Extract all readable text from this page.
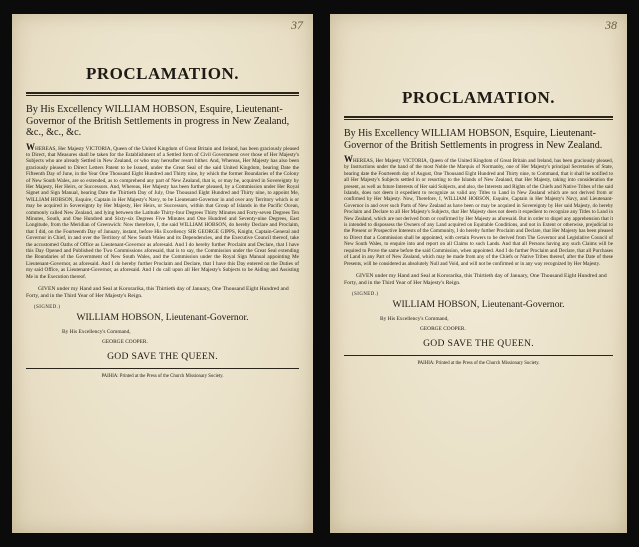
37
PROCLAMATION.

By His Excellency WILLIAM HOBSON, Esquire, Lieutenant-Governor of the British Settlements in progress in New Zealand, &c., &c., &c.

WHEREAS, Her Majesty VICTORIA, Queen of the United Kingdom of Great Britain and Ireland, has been graciously pleased to Direct, that Measures shall be taken for the Establishment of a Settled form of Civil Government over those of Her Majesty's Subjects who are already Settled in New Zealand, or who may hereafter resort hither. And, Whereas, Her Majesty has also been graciously pleased to Direct Letters Patent to be Issued, under the Great Seal of the said United Kingdom, bearing Date the Fifteenth Day of June, in the Year One Thousand Eight Hundred and Thirty nine, by which the former Boundaries of the Colony of New South Wales, are so extended, as to comprehend any part of New Zealand, that is, or may be, acquired in Sovereignty by Her Majesty, Her Heirs, or Successors. And, Whereas, Her Majesty has been further pleased, by a Commission under Her Royal Signet and Sign Manual, bearing Date the Thirtieth Day of July, One Thousand Eight Hundred and Thirty nine, to appoint Me, WILLIAM HOBSON, Esquire, Captain in Her Majesty's Navy, to be Lieutenant-Governor in and over any Territory which is or may be acquired in Sovereignty by Her Majesty, Her Heirs, or Successors, within that Group of Islands in the Pacific Ocean, commonly called New Zealand, and lying between the Latitude Thirty-four Degrees Thirty Minutes and Forty-seven Degrees Ten Minutes, South, and One Hundred and Sixty-six Degrees Five Minutes and One Hundred and Seventy-nine Degrees, East Longitude, from the Meridian of Greenwich: Now therefore, I, the said WILLIAM HOBSON, do hereby Declare and Proclaim, that I did, on the Fourteenth Day of January, instant, before His Excellency SIR GEORGE GIPPS, Knight, Captain-General and Governor in Chief, in and over the Territory of New South Wales and its Dependencies, and the Executive Council thereof, take the accustomed Oaths of Office as Lieutenant-Governor as aforesaid. And I do hereby further Proclaim and Declare, that I have this Day Opened and Published the Two Commissions aforesaid, that is to say, the Commission under the Great Seal extending the Boundaries of the Government of New South Wales, and the Commission under the Royal Sign Manual appointing Me Lieutenant-Governor, as aforesaid. And I do hereby further Proclaim and Declare, that I have this Day entered on the Duties of my said Office, as Lieutenant-Governor, as aforesaid. And I do call upon all Her Majesty's Subjects to be Aiding and Assisting Me in the Execution thereof.

GIVEN under my Hand and Seal at Kororarika, this Thirtieth day of January, One Thousand Eight Hundred and Forty, and in the Third Year of Her Majesty's Reign.

(SIGNED.)
WILLIAM HOBSON, Lieutenant-Governor.
By His Excellency's Command,
GEORGE COOPER.
GOD SAVE THE QUEEN.
PAIHIA: Printed at the Press of the Church Missionary Society.
38
PROCLAMATION.

By His Excellency WILLIAM HOBSON, Esquire, Lieutenant-Governor of the British Settlements in progress in New Zealand.

WHEREAS, Her Majesty VICTORIA, Queen of the United Kingdom of Great Britain and Ireland, has been graciously pleased, by Instructions under the hand of the most Noble the Marquis of Normanby, one of Her Majesty's principal Secretaries of State, bearing date the Fourteenth day of August, One Thousand Eight Hundred and Thirty nine, to Command, that it shall be notified to all Her Majesty's Subjects settled in or resorting to the Islands of New Zealand, that Her Majesty, taking into consideration the present, as well as future Interests of Her said Subjects, and also, the Interests and Rights of the Chiefs and Native Tribes of the said Islands, does not deem it expedient to recognize as valid any Titles to Land in New Zealand which are not derived from or confirmed by Her Majesty. Now, Therefore, I, WILLIAM HOBSON, Esquire, Captain in Her Majesty's Navy, and Lieutenant-Governor in and over such Parts of New Zealand as have been or may be acquired in Sovereignty by Her said Majesty, do hereby Proclaim and Declare to all Her Majesty's Subjects, that Her Majesty does not deem it expedient to recognize any Titles to Land in New Zealand, which are not derived from or confirmed by Her Majesty as aforesaid. But in order to dispel any apprehension that it is intended to dispossess the Owners of any Land acquired on Equitable Conditions, and not in Extent or otherwise, prejudicial to the Present or Prospective Interests of the Community, I do hereby further Proclaim and Declare, that Her Majesty has been pleased to Direct that a Commission shall be appointed, with certain Powers to be derived from The Governor and Legislative Council of New South Wales, to enquire into and report on all Claims to such Lands. And that all Persons having any such Claims will be required to Prove the same before the said Commission, when appointed. And I do further Proclaim and Declare, that all Purchases of Land in any Part of New Zealand, which may be made from any of the Chiefs or Native Tribes thereof, after the Date of these Presents, will be considered as absolutely Null and Void, and will not be confirmed or in any way recognized by Her Majesty.

GIVEN under my Hand and Seal at Kororarika, this Thirtieth day of January, One Thousand Eight Hundred and Forty, and in the Third Year of Her Majesty's Reign.

(SIGNED.)
WILLIAM HOBSON, Lieutenant-Governor.
By His Excellency's Command,
GEORGE COOPER.
GOD SAVE THE QUEEN.
PAIHIA: Printed at the Press of the Church Missionary Society.
